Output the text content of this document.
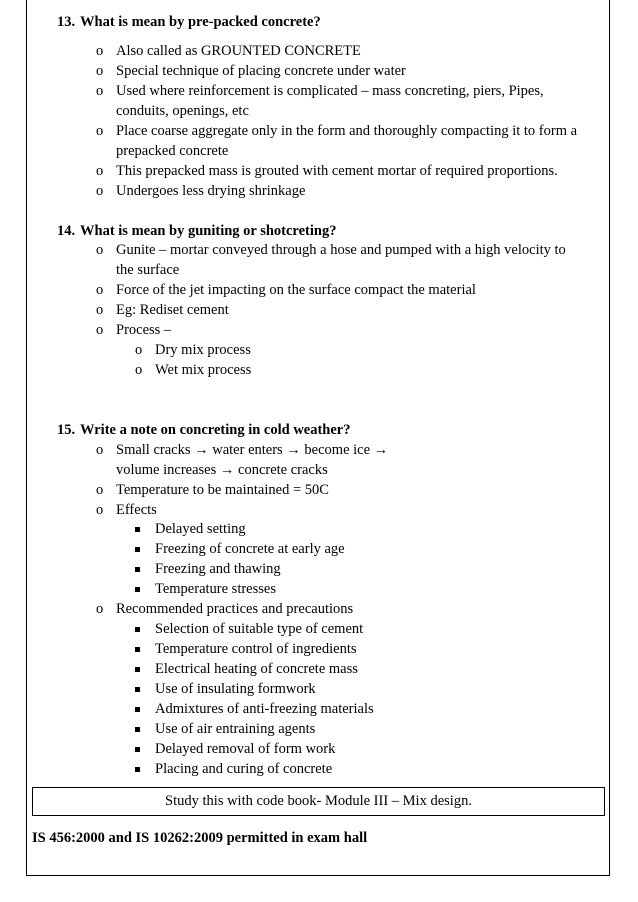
13. What is mean by pre-packed concrete?
o Also called as GROUNTED CONCRETE
o Special technique of placing concrete under water
o Used where reinforcement is complicated – mass concreting, piers, Pipes,
conduits, openings, etc
o Place coarse aggregate only in the form and thoroughly compacting it to form a
prepacked concrete
o This prepacked mass is grouted with cement mortar of required proportions.
o Undergoes less drying shrinkage
14. What is mean by guniting or shotcreting?
o Gunite – mortar conveyed through a hose and pumped with a high velocity to
the surface
o Force of the jet impacting on the surface compact the material
o Eg: Rediset cement
o Process –
o Dry mix process
o Wet mix process
15. Write a note on concreting in cold weather?
o Small cracks → water enters → become ice →
volume increases → concrete cracks
o Temperature to be maintained = 50C
o Effects
Delayed setting
Freezing of concrete at early age
Freezing and thawing
Temperature stresses
o Recommended practices and precautions
Selection of suitable type of cement
Temperature control of ingredients
Electrical heating of concrete mass
Use of insulating formwork
Admixtures of anti-freezing materials
Use of air entraining agents
Delayed removal of form work
Placing and curing of concrete
Study this with code book- Module III – Mix design.
IS 456:2000 and IS 10262:2009 permitted in exam hall
